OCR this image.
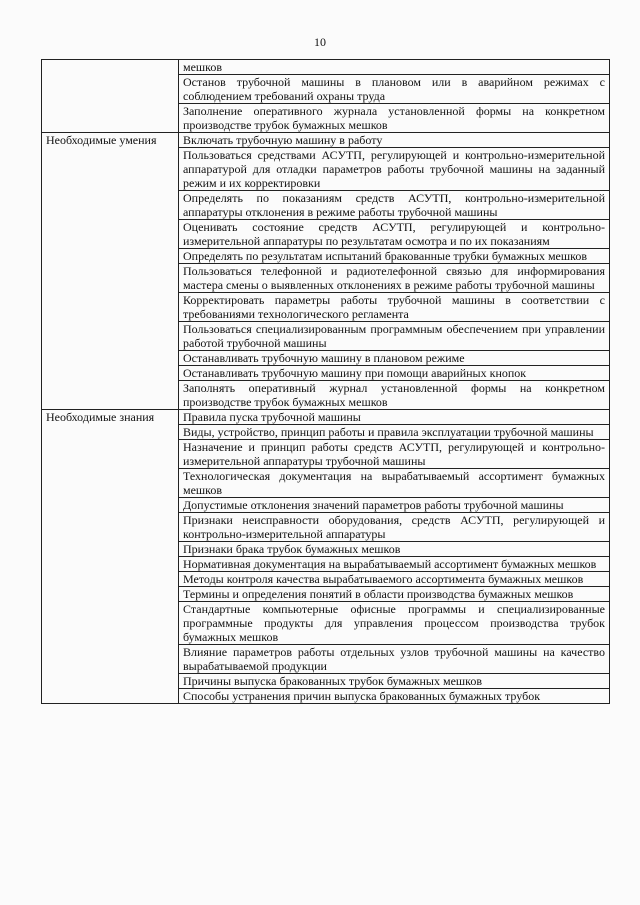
10
	мешков
	Останов трубочной машины в плановом или в аварийном режимах с соблюдением требований охраны труда
	Заполнение оперативного журнала установленной формы на конкретном производстве трубок бумажных мешков
Необходимые умения	Включать трубочную машину в работу
	Пользоваться средствами АСУТП, регулирующей и контрольно-измерительной аппаратурой для отладки параметров работы трубочной машины на заданный режим и их корректировки
	Определять по показаниям средств АСУТП, контрольно-измерительной аппаратуры отклонения в режиме работы трубочной машины
	Оценивать состояние средств АСУТП, регулирующей и контрольно-измерительной аппаратуры по результатам осмотра и по их показаниям
	Определять по результатам испытаний бракованные трубки бумажных мешков
	Пользоваться телефонной и радиотелефонной связью для информирования мастера смены о выявленных отклонениях в режиме работы трубочной машины
	Корректировать параметры работы трубочной машины в соответствии с требованиями технологического регламента
	Пользоваться специализированным программным обеспечением при управлении работой трубочной машины
	Останавливать трубочную машину в плановом режиме
	Останавливать трубочную машину при помощи аварийных кнопок
	Заполнять оперативный журнал установленной формы на конкретном производстве трубок бумажных мешков
Необходимые знания	Правила пуска трубочной машины
	Виды, устройство, принцип работы и правила эксплуатации трубочной машины
	Назначение и принцип работы средств АСУТП, регулирующей и контрольно-измерительной аппаратуры трубочной машины
	Технологическая документация на вырабатываемый ассортимент бумажных мешков
	Допустимые отклонения значений параметров работы трубочной машины
	Признаки неисправности оборудования, средств АСУТП, регулирующей и контрольно-измерительной аппаратуры
	Признаки брака трубок бумажных мешков
	Нормативная документация на вырабатываемый ассортимент бумажных мешков
	Методы контроля качества вырабатываемого ассортимента бумажных мешков
	Термины и определения понятий в области производства бумажных мешков
	Стандартные компьютерные офисные программы и специализированные программные продукты для управления процессом производства трубок бумажных мешков
	Влияние параметров работы отдельных узлов трубочной машины на качество вырабатываемой продукции
	Причины выпуска бракованных трубок бумажных мешков
	Способы устранения причин выпуска бракованных бумажных трубок
